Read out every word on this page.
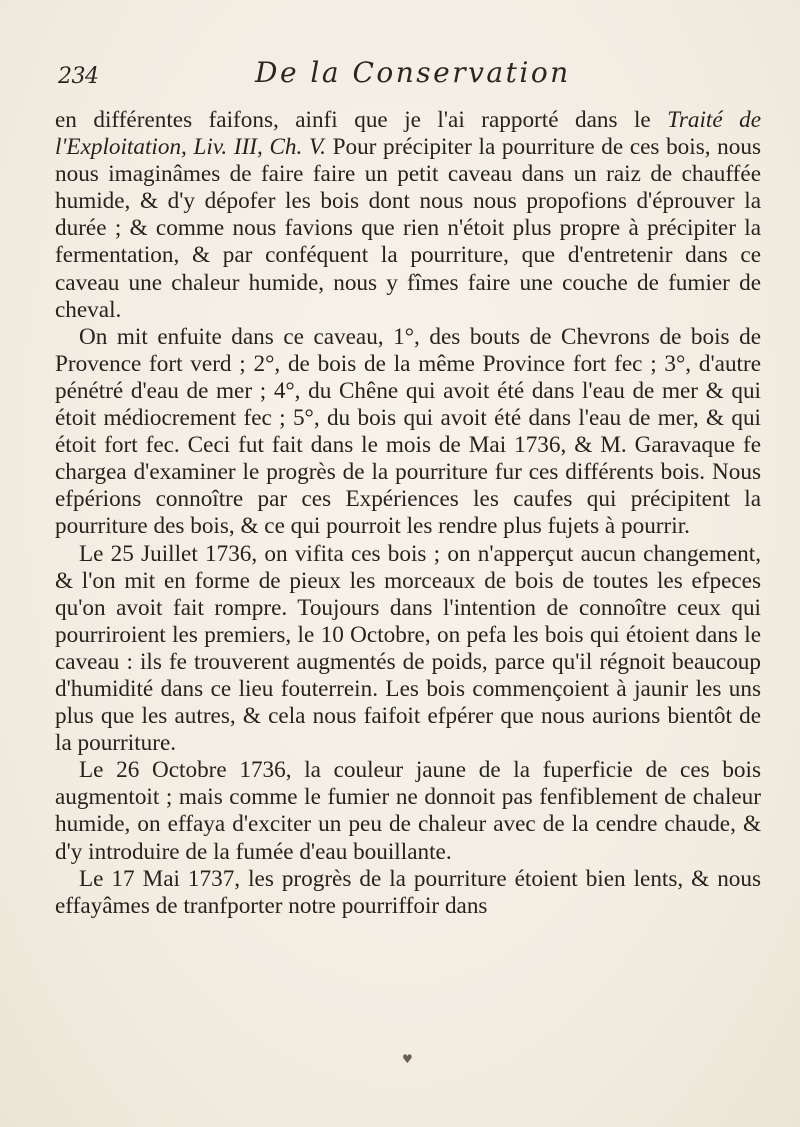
234	De la Conservation

en différentes faifons, ainfi que je l'ai rapporté dans le Traité de l'Exploitation, Liv. III, Ch. V. Pour précipiter la pourriture de ces bois, nous nous imaginâmes de faire faire un petit caveau dans un raiz de chauffée humide, & d'y dépofer les bois dont nous nous propofions d'éprouver la durée ; & comme nous favions que rien n'étoit plus propre à précipiter la fermentation, & par conféquent la pourriture, que d'entretenir dans ce caveau une chaleur humide, nous y fîmes faire une couche de fumier de cheval.

On mit enfuite dans ce caveau, 1°, des bouts de Chevrons de bois de Provence fort verd ; 2°, de bois de la même Province fort fec ; 3°, d'autre pénétré d'eau de mer ; 4°, du Chêne qui avoit été dans l'eau de mer & qui étoit médiocrement fec ; 5°, du bois qui avoit été dans l'eau de mer, & qui étoit fort fec. Ceci fut fait dans le mois de Mai 1736, & M. Garavaque fe chargea d'examiner le progrès de la pourriture fur ces différents bois. Nous efpérions connoître par ces Expériences les caufes qui précipitent la pourriture des bois, & ce qui pourroit les rendre plus fujets à pourrir.

Le 25 Juillet 1736, on vifita ces bois ; on n'apperçut aucun changement, & l'on mit en forme de pieux les morceaux de bois de toutes les efpeces qu'on avoit fait rompre. Toujours dans l'intention de connoître ceux qui pourriroient les premiers, le 10 Octobre, on pefa les bois qui étoient dans le caveau : ils fe trouverent augmentés de poids, parce qu'il régnoit beaucoup d'humidité dans ce lieu fouterrein. Les bois commençoient à jaunir les uns plus que les autres, & cela nous faifoit efpérer que nous aurions bientôt de la pourriture.

Le 26 Octobre 1736, la couleur jaune de la fuperficie de ces bois augmentoit ; mais comme le fumier ne donnoit pas fenfiblement de chaleur humide, on effaya d'exciter un peu de chaleur avec de la cendre chaude, & d'y introduire de la fumée d'eau bouillante.

Le 17 Mai 1737, les progrès de la pourriture étoient bien lents, & nous effayâmes de tranfporter notre pourriffoir dans

♥
